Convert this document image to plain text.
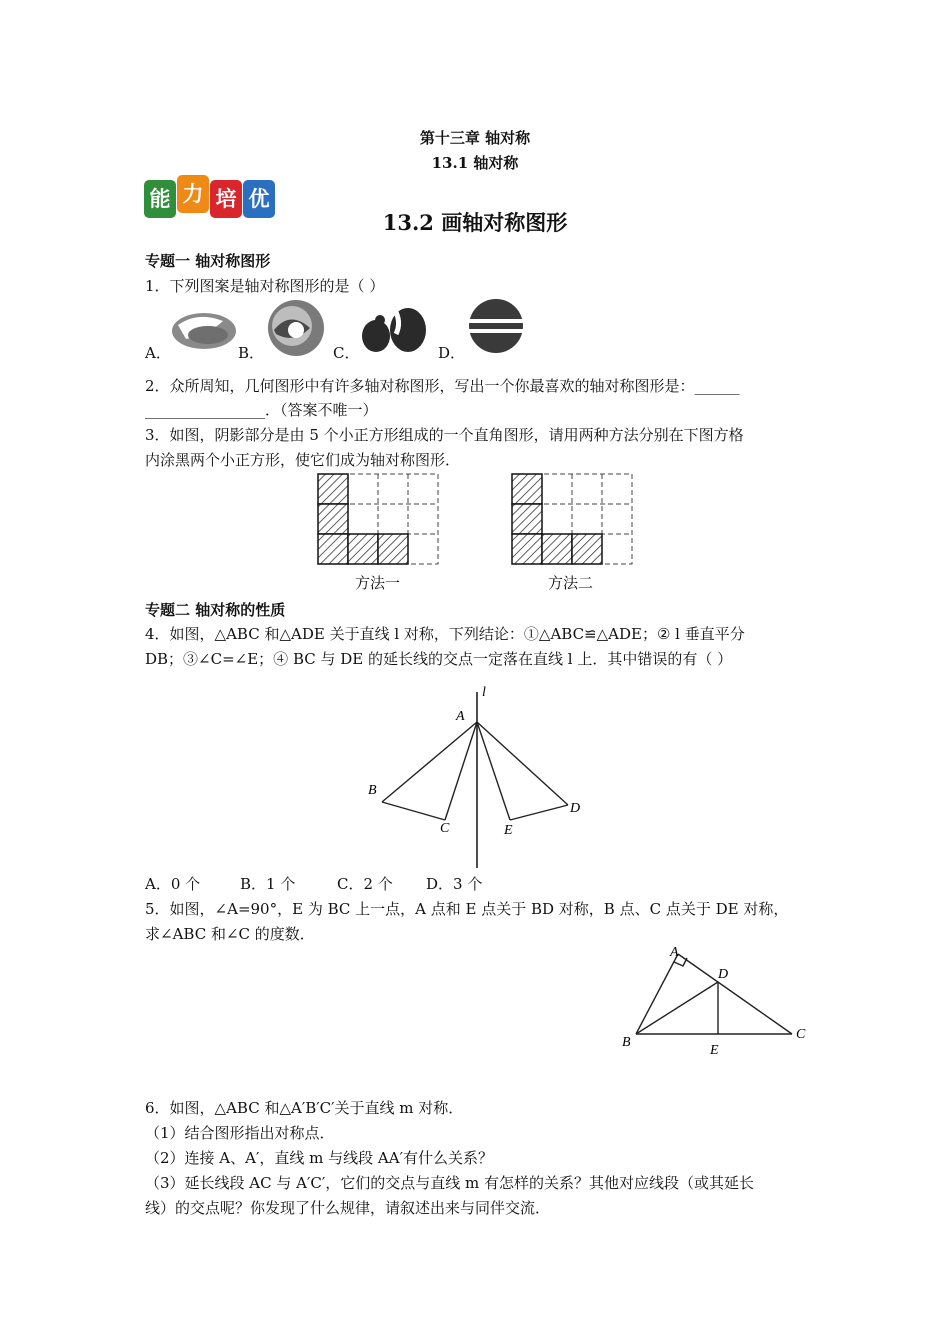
第十三章 轴对称
13.1 轴对称
13.2 画轴对称图形
能 力 培 优
专题一 轴对称图形
1．下列图案是轴对称图形的是（ ）
A．	B．	C．	D．
2．众所周知，几何图形中有许多轴对称图形，写出一个你最喜欢的轴对称图形是：______
________________．（答案不唯一）
3．如图，阴影部分是由 5 个小正方形组成的一个直角图形，请用两种方法分别在下图方格
内涂黑两个小正方形，使它们成为轴对称图形．
方法一	方法二
专题二 轴对称的性质
4．如图，△ABC 和△ADE 关于直线 l 对称，下列结论：①△ABC≌△ADE；② l 垂直平分
DB；③∠C=∠E；④ BC 与 DE 的延长线的交点一定落在直线 l 上．其中错误的有（ ）
l
A
B
C
D
E
A．0 个	B．1 个	C．2 个 D．3 个
5．如图，∠A=90°，E 为 BC 上一点，A 点和 E 点关于 BD 对称，B 点、C 点关于 DE 对称，
求∠ABC 和∠C 的度数．
A
B
C
D
E
6．如图，△ABC 和△A′B′C′关于直线 m 对称．
（1）结合图形指出对称点．
（2）连接 A、A′，直线 m 与线段 AA′有什么关系？
（3）延长线段 AC 与 A′C′，它们的交点与直线 m 有怎样的关系？其他对应线段（或其延长
线）的交点呢？你发现了什么规律，请叙述出来与同伴交流．
